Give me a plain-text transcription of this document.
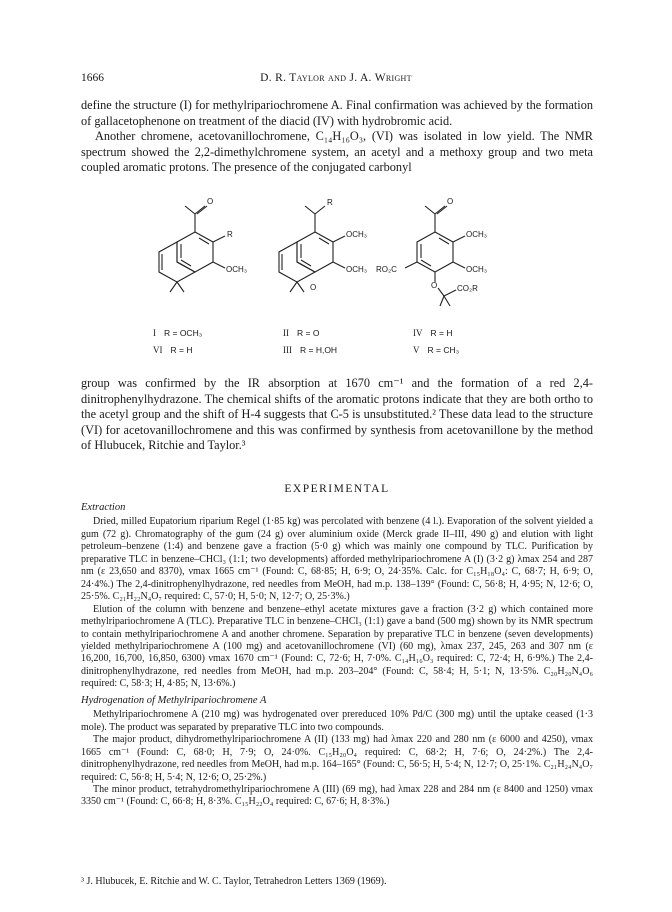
1666	D. R. Taylor and J. A. Wright

define the structure (I) for methylripariochromene A. Final confirmation was achieved by the formation of gallacetophenone on treatment of the diacid (IV) with hydrobromic acid.

Another chromene, acetovanillochromene, C₁₄H₁₆O₃, (VI) was isolated in low yield. The NMR spectrum showed the 2,2-dimethylchromene system, an acetyl and a methoxy group and two meta coupled aromatic protons. The presence of the conjugated carbonyl

O
R
OCH₃
R
OCH₃
OCH₃
O
O
OCH₃
OCH₃
RO₂C
O CO₂R
I R = OCH₃
VI R = H
II R = O
III R = H,OH
IV R = H
V R = CH₃

group was confirmed by the IR absorption at 1670 cm⁻¹ and the formation of a red 2,4-dinitrophenylhydrazone. The chemical shifts of the aromatic protons indicate that they are both ortho to the acetyl group and the shift of H-4 suggests that C-5 is unsubstituted.² These data lead to the structure (VI) for acetovanillochromene and this was confirmed by synthesis from acetovanillone by the method of Hlubucek, Ritchie and Taylor.³

EXPERIMENTAL
Extraction

Dried, milled Eupatorium riparium Regel (1·85 kg) was percolated with benzene (4 l.). Evaporation of the solvent yielded a gum (72 g). Chromatography of the gum (24 g) over aluminium oxide (Merck grade II–III, 490 g) and elution with light petroleum–benzene (1:4) and benzene gave a fraction (5·0 g) which was mainly one compound by TLC. Purification by preparative TLC in benzene–CHCl₃ (1:1; two developments) afforded methylripariochromene A (I) (3·2 g) λmax 254 and 287 nm (ε 23,650 and 8370), νmax 1665 cm⁻¹ (Found: C, 68·85; H, 6·9; O, 24·35%. Calc. for C₁₅H₁₈O₄: C, 68·7; H, 6·9; O, 24·4%.) The 2,4-dinitrophenylhydrazone, red needles from MeOH, had m.p. 138–139° (Found: C, 56·8; H, 4·95; N, 12·6; O, 25·5%. C₂₁H₂₂N₄O₇ required: C, 57·0; H, 5·0; N, 12·7; O, 25·3%.)

Elution of the column with benzene and benzene–ethyl acetate mixtures gave a fraction (3·2 g) which contained more methylripariochromene A (TLC). Preparative TLC in benzene–CHCl₃ (1:1) gave a band (500 mg) shown by its NMR spectrum to contain methylripariochromene A and another chromene. Separation by preparative TLC in benzene (seven developments) yielded methylripariochromene A (100 mg) and acetovanillochromene (VI) (60 mg), λmax 237, 245, 263 and 307 nm (ε 16,200, 16,700, 16,850, 6300) νmax 1670 cm⁻¹ (Found: C, 72·6; H, 7·0%. C₁₄H₁₆O₃ required: C, 72·4; H, 6·9%.) The 2,4-dinitrophenylhydrazone, red needles from MeOH, had m.p. 203–204° (Found: C, 58·4; H, 5·1; N, 13·5%. C₂₀H₂₀N₄O₆ required: C, 58·3; H, 4·85; N, 13·6%.)

Hydrogenation of Methylripariochromene A

Methylripariochromene A (210 mg) was hydrogenated over prereduced 10% Pd/C (300 mg) until the uptake ceased (1·3 mole). The product was separated by preparative TLC into two compounds.

The major product, dihydromethylripariochromene A (II) (133 mg) had λmax 220 and 280 nm (ε 6000 and 4250), νmax 1665 cm⁻¹ (Found: C, 68·0; H, 7·9; O, 24·0%. C₁₅H₂₀O₄ required: C, 68·2; H, 7·6; O, 24·2%.) The 2,4-dinitrophenylhydrazone, red needles from MeOH, had m.p. 164–165° (Found: C, 56·5; H, 5·4; N, 12·7; O, 25·1%. C₂₁H₂₄N₄O₇ required: C, 56·8; H, 5·4; N, 12·6; O, 25·2%.)

The minor product, tetrahydromethylripariochromene A (III) (69 mg), had λmax 228 and 284 nm (ε 8400 and 1250) νmax 3350 cm⁻¹ (Found: C, 66·8; H, 8·3%. C₁₅H₂₂O₄ required: C, 67·6; H, 8·3%.)

³ J. Hlubucek, E. Ritchie and W. C. Taylor, Tetrahedron Letters 1369 (1969).
